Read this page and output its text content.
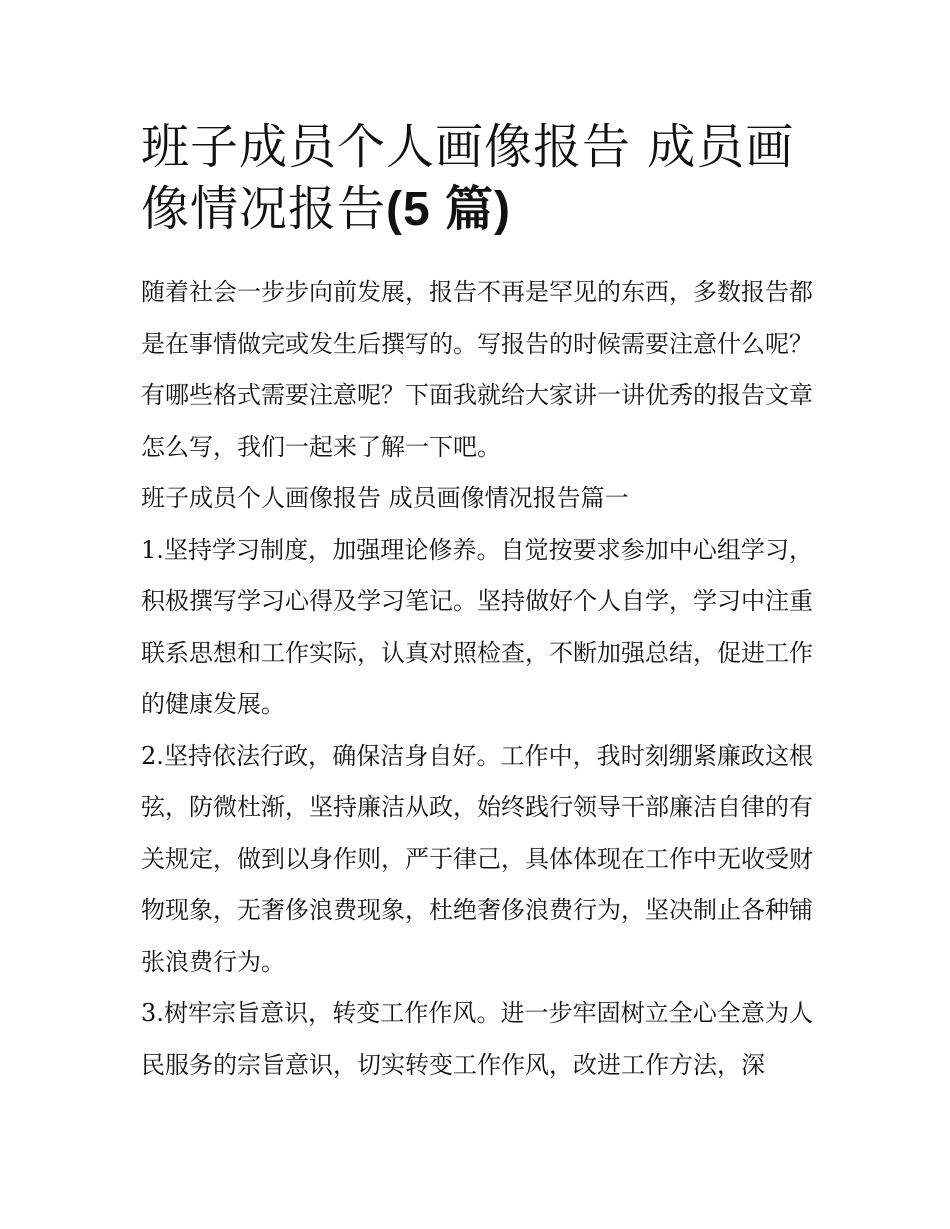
班子成员个人画像报告 成员画像情况报告(5 篇)

随着社会一步步向前发展，报告不再是罕见的东西，多数报告都是在事情做完或发生后撰写的。写报告的时候需要注意什么呢？有哪些格式需要注意呢？下面我就给大家讲一讲优秀的报告文章怎么写，我们一起来了解一下吧。

班子成员个人画像报告 成员画像情况报告篇一

1.坚持学习制度，加强理论修养。自觉按要求参加中心组学习，积极撰写学习心得及学习笔记。坚持做好个人自学，学习中注重联系思想和工作实际，认真对照检查，不断加强总结，促进工作的健康发展。

2.坚持依法行政，确保洁身自好。工作中，我时刻绷紧廉政这根弦，防微杜渐，坚持廉洁从政，始终践行领导干部廉洁自律的有关规定，做到以身作则，严于律己，具体体现在工作中无收受财物现象，无奢侈浪费现象，杜绝奢侈浪费行为，坚决制止各种铺张浪费行为。

3.树牢宗旨意识，转变工作作风。进一步牢固树立全心全意为人民服务的宗旨意识，切实转变工作作风，改进工作方法，深
